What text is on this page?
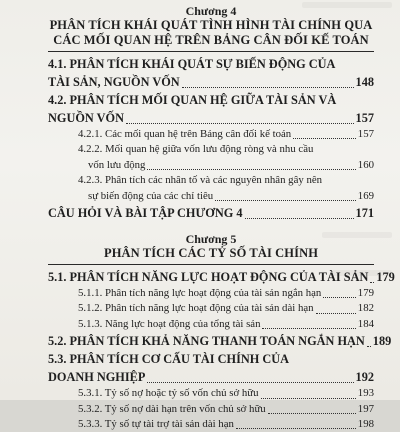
Chương 4
PHÂN TÍCH KHÁI QUÁT TÌNH HÌNH TÀI CHÍNH QUA
CÁC MỐI QUAN HỆ TRÊN BẢNG CÂN ĐỐI KẾ TOÁN
4.1. PHÂN TÍCH KHÁI QUÁT SỰ BIẾN ĐỘNG CỦA
TÀI SẢN, NGUỒN VỐN	148
4.2. PHÂN TÍCH MỐI QUAN HỆ GIỮA TÀI SẢN VÀ
NGUỒN VỐN	157
4.2.1. Các mối quan hệ trên Bảng cân đối kế toán	157
4.2.2. Mối quan hệ giữa vốn lưu động ròng và nhu cầu
vốn lưu động	160
4.2.3. Phân tích các nhân tố và các nguyên nhân gây nên
sự biến động của các chỉ tiêu	169
CÂU HỎI VÀ BÀI TẬP CHƯƠNG 4	171
Chương 5
PHÂN TÍCH CÁC TỶ SỐ TÀI CHÍNH
5.1. PHÂN TÍCH NĂNG LỰC HOẠT ĐỘNG CỦA TÀI SẢN 179
5.1.1. Phân tích năng lực hoạt động của tài sản ngắn hạn	179
5.1.2. Phân tích năng lực hoạt động của tài sản dài hạn	182
5.1.3. Năng lực hoạt động của tổng tài sản	184
5.2. PHÂN TÍCH KHẢ NĂNG THANH TOÁN NGẮN HẠN 189
5.3. PHÂN TÍCH CƠ CẤU TÀI CHÍNH CỦA
DOANH NGHIỆP	192
5.3.1. Tỷ số nợ hoặc tỷ số vốn chủ sở hữu	193
5.3.2. Tỷ số nợ dài hạn trên vốn chủ sở hữu	197
5.3.3. Tỷ số tự tài trợ tài sản dài hạn	198
